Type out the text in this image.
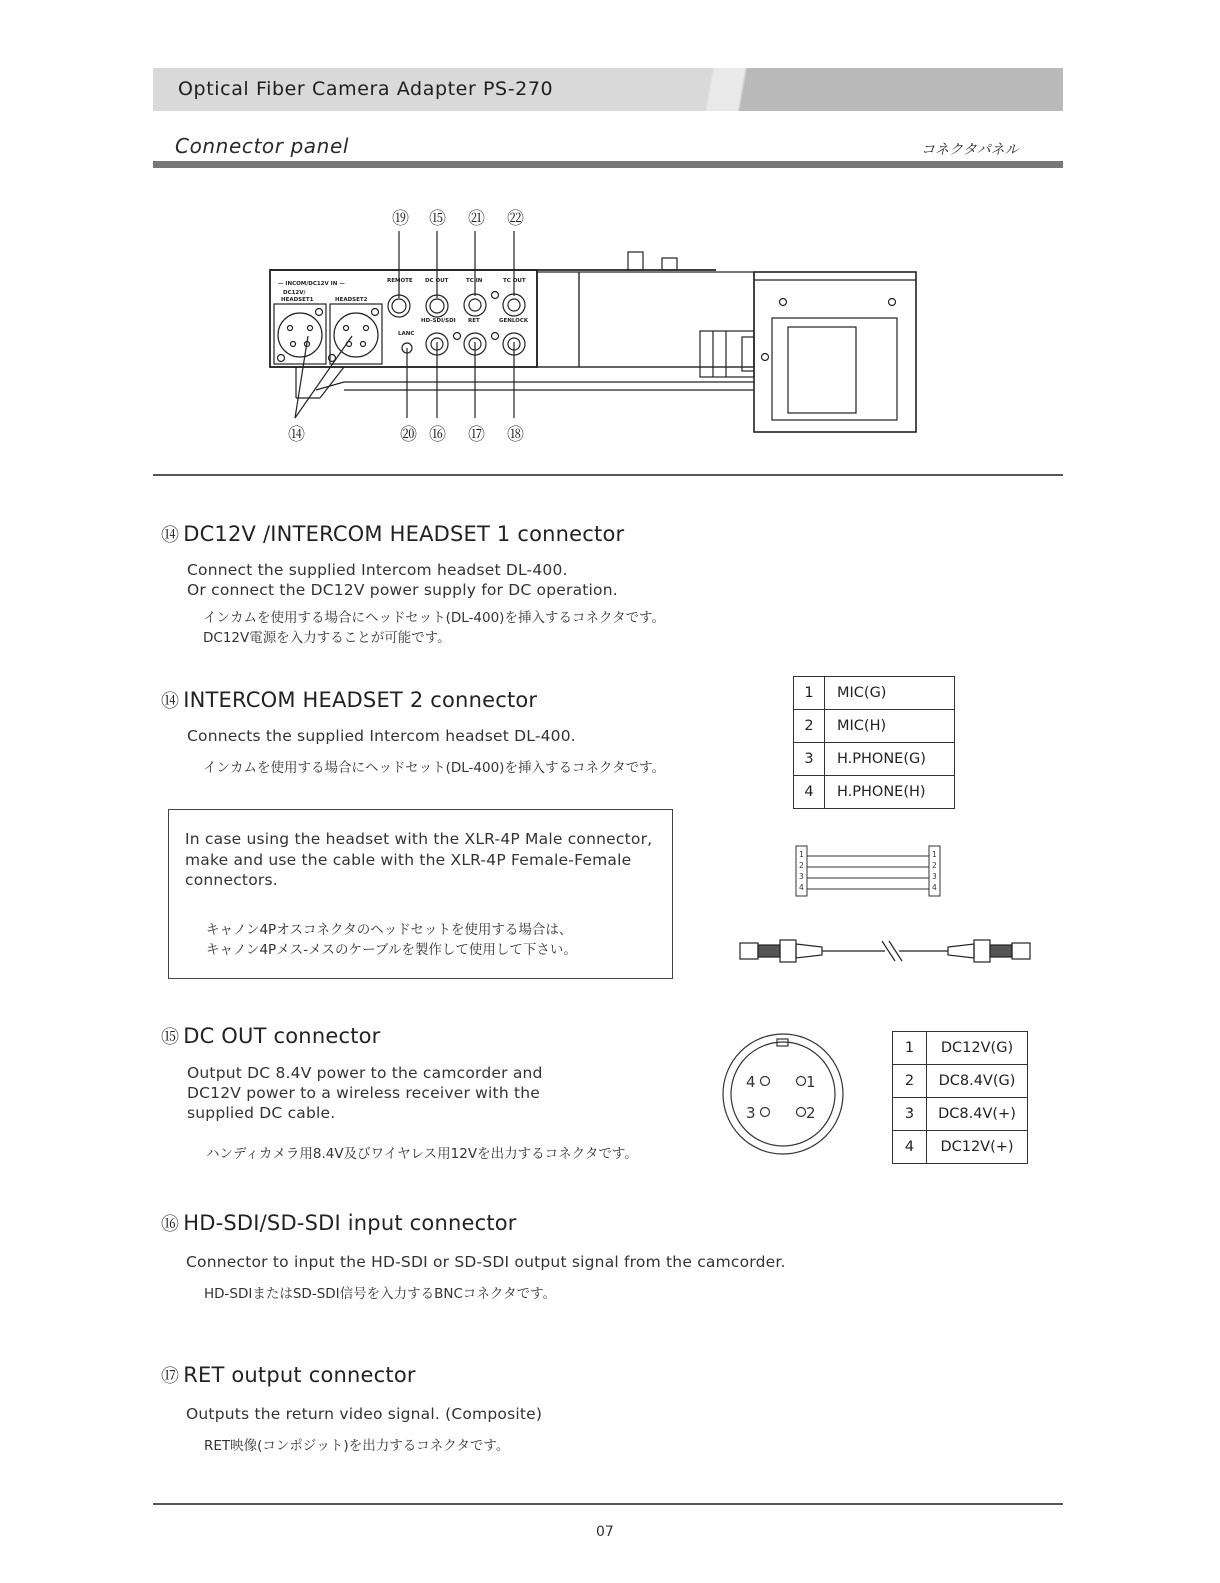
Optical Fiber Camera Adapter PS-270
Connector panel	コネクタパネル
⑲ ⑮ ㉑ ㉒
⑭	⑳ ⑯ ⑰ ⑱
— INCOM/DC12V IN —
DC12V/
HEADSET1	HEADSET2
REMOTE DC OUT	TC IN	TC OUT
LANC
HD-SDI/SDI RET	GENLOCK
⑭ DC12V /INTERCOM HEADSET 1 connector
Connect the supplied Intercom headset DL-400.
Or connect the DC12V power supply for DC operation.
インカムを使用する場合にヘッドセット(DL-400)を挿入するコネクタです。
DC12V電源を入力することが可能です。
⑭ INTERCOM HEADSET 2 connector
Connects the supplied Intercom headset DL-400.
インカムを使用する場合にヘッドセット(DL-400)を挿入するコネクタです。
1	MIC(G)
2	MIC(H)
3	H.PHONE(G)
4	H.PHONE(H)
In case using the headset with the XLR-4P Male connector,
make and use the cable with the XLR-4P Female-Female
connectors.
キャノン4Pオスコネクタのヘッドセットを使用する場合は、
キャノン4Pメス-メスのケーブルを製作して使用して下さい。
1
2
3
4
1
2
3
4
⑮ DC OUT connector
Output DC 8.4V power to the camcorder and
DC12V power to a wireless receiver with the
supplied DC cable.
ハンディカメラ用8.4V及びワイヤレス用12Vを出力するコネクタです。
4	1
3	2
1	DC12V(G)
2	DC8.4V(G)
3	DC8.4V(+)
4	DC12V(+)
⑯ HD-SDI/SD-SDI input connector
Connector to input the HD-SDI or SD-SDI output signal from the camcorder.
HD-SDIまたはSD-SDI信号を入力するBNCコネクタです。
⑰ RET output connector
Outputs the return video signal. (Composite)
RET映像(コンポジット)を出力するコネクタです。
07
